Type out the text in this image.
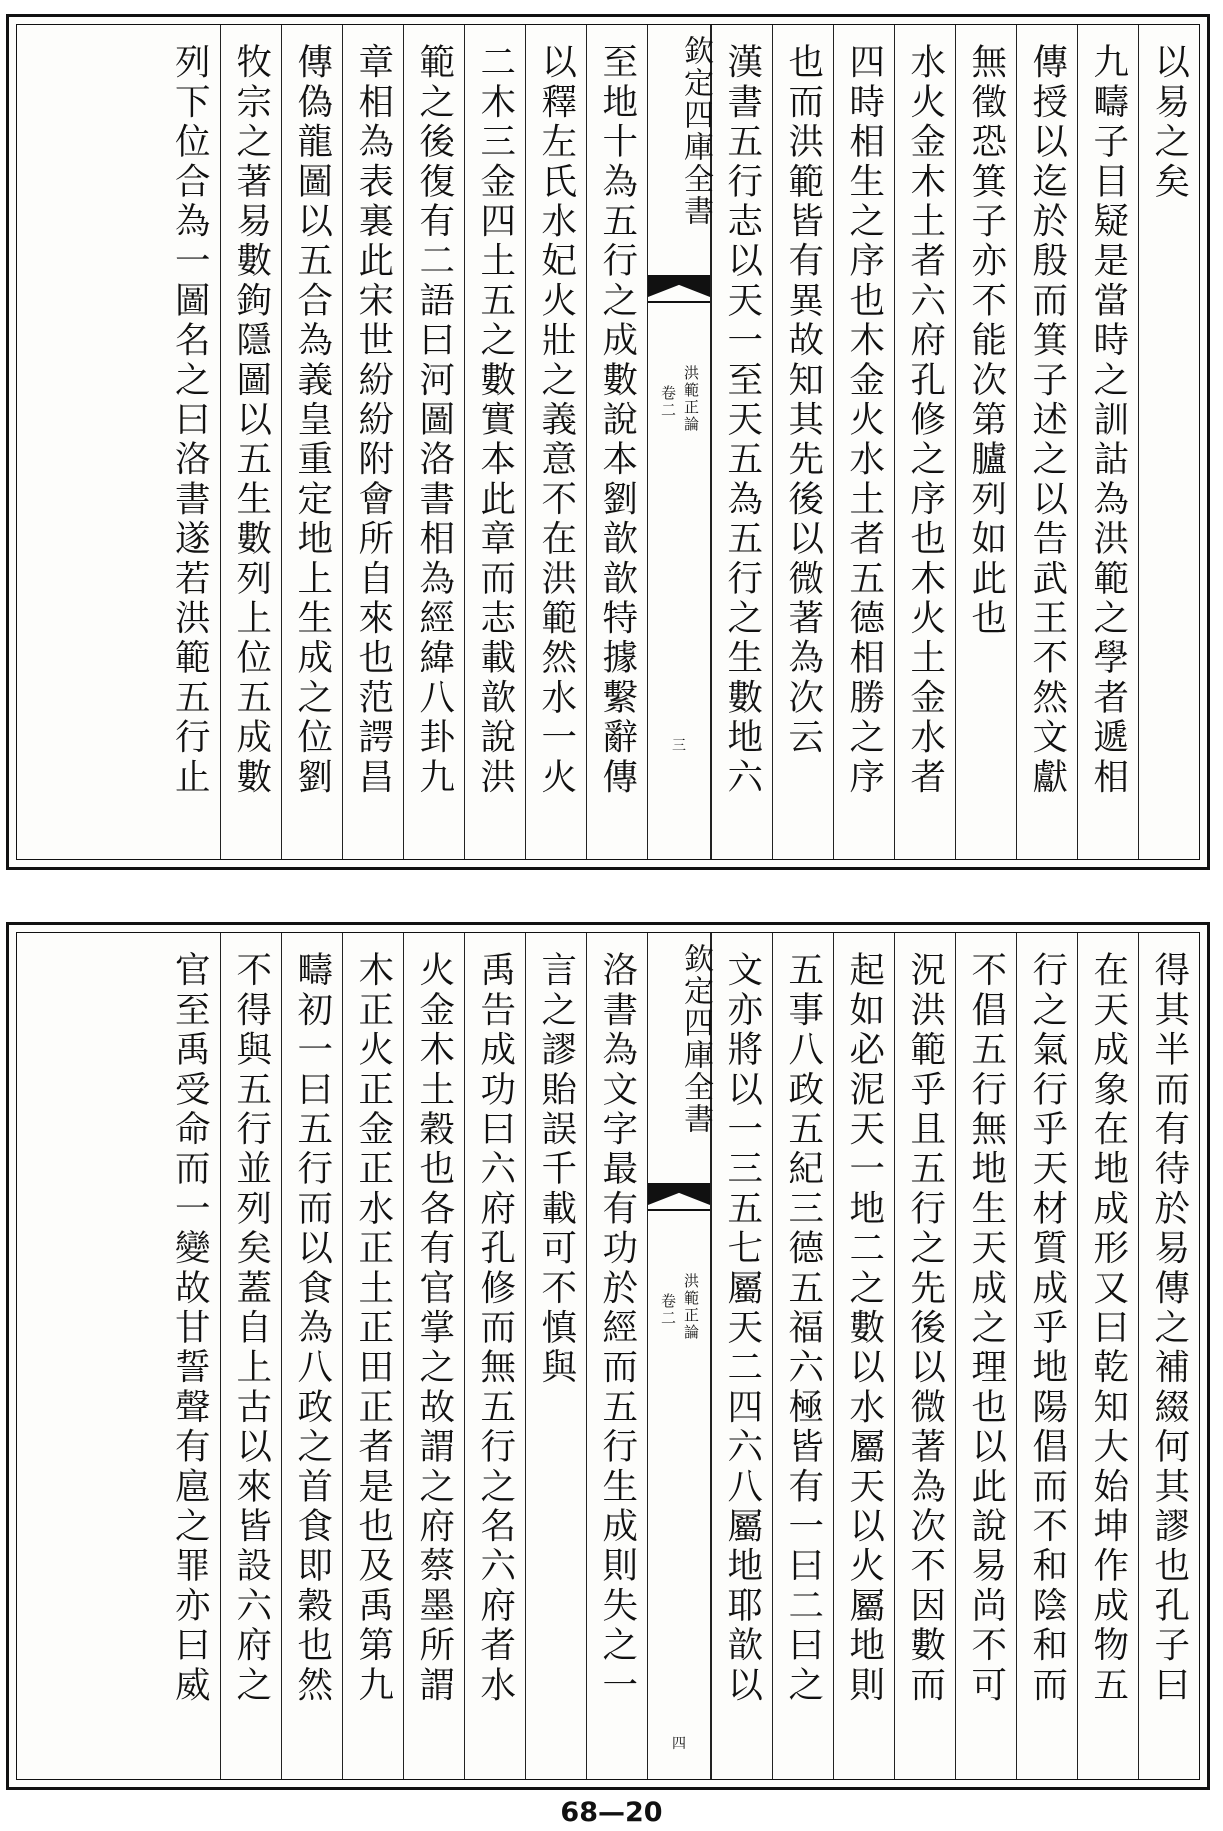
以易之矣
九疇子目疑是當時之訓詁為洪範之學者遞相
傳授以迄於殷而箕子述之以告武王不然文獻
無徵恐箕子亦不能次第臚列如此也
水火金木土者六府孔修之序也木火土金水者
四時相生之序也木金火水土者五德相勝之序
也而洪範皆有異故知其先後以微著為次云
漢書五行志以天一至天五為五行之生數地六
欽定四庫全書
洪範正論
卷二
三
至地十為五行之成數說本劉歆歆特據繫辭傳
以釋左氏水妃火壯之義意不在洪範然水一火
二木三金四土五之數實本此章而志載歆說洪
範之後復有二語曰河圖洛書相為經緯八卦九
章相為表裏此宋世紛紛附會所自來也范諤昌
傳偽龍圖以五合為義皇重定地上生成之位劉
牧宗之著易數鉤隱圖以五生數列上位五成數
列下位合為一圖名之曰洛書遂若洪範五行止
得其半而有待於易傳之補綴何其謬也孔子曰
在天成象在地成形又曰乾知大始坤作成物五
行之氣行乎天材質成乎地陽倡而不和陰和而
不倡五行無地生天成之理也以此說易尚不可
況洪範乎且五行之先後以微著為次不因數而
起如必泥天一地二之數以水屬天以火屬地則
五事八政五紀三德五福六極皆有一曰二曰之
文亦將以一三五七屬天二四六八屬地耶歆以
欽定四庫全書
洪範正論
卷二
四
洛書為文字最有功於經而五行生成則失之一
言之謬貽誤千載可不慎與
禹告成功曰六府孔修而無五行之名六府者水
火金木土穀也各有官掌之故謂之府蔡墨所謂
木正火正金正水正土正田正者是也及禹第九
疇初一曰五行而以食為八政之首食即穀也然
不得與五行並列矣蓋自上古以來皆設六府之
官至禹受命而一變故甘誓聲有扈之罪亦曰威
68—20
